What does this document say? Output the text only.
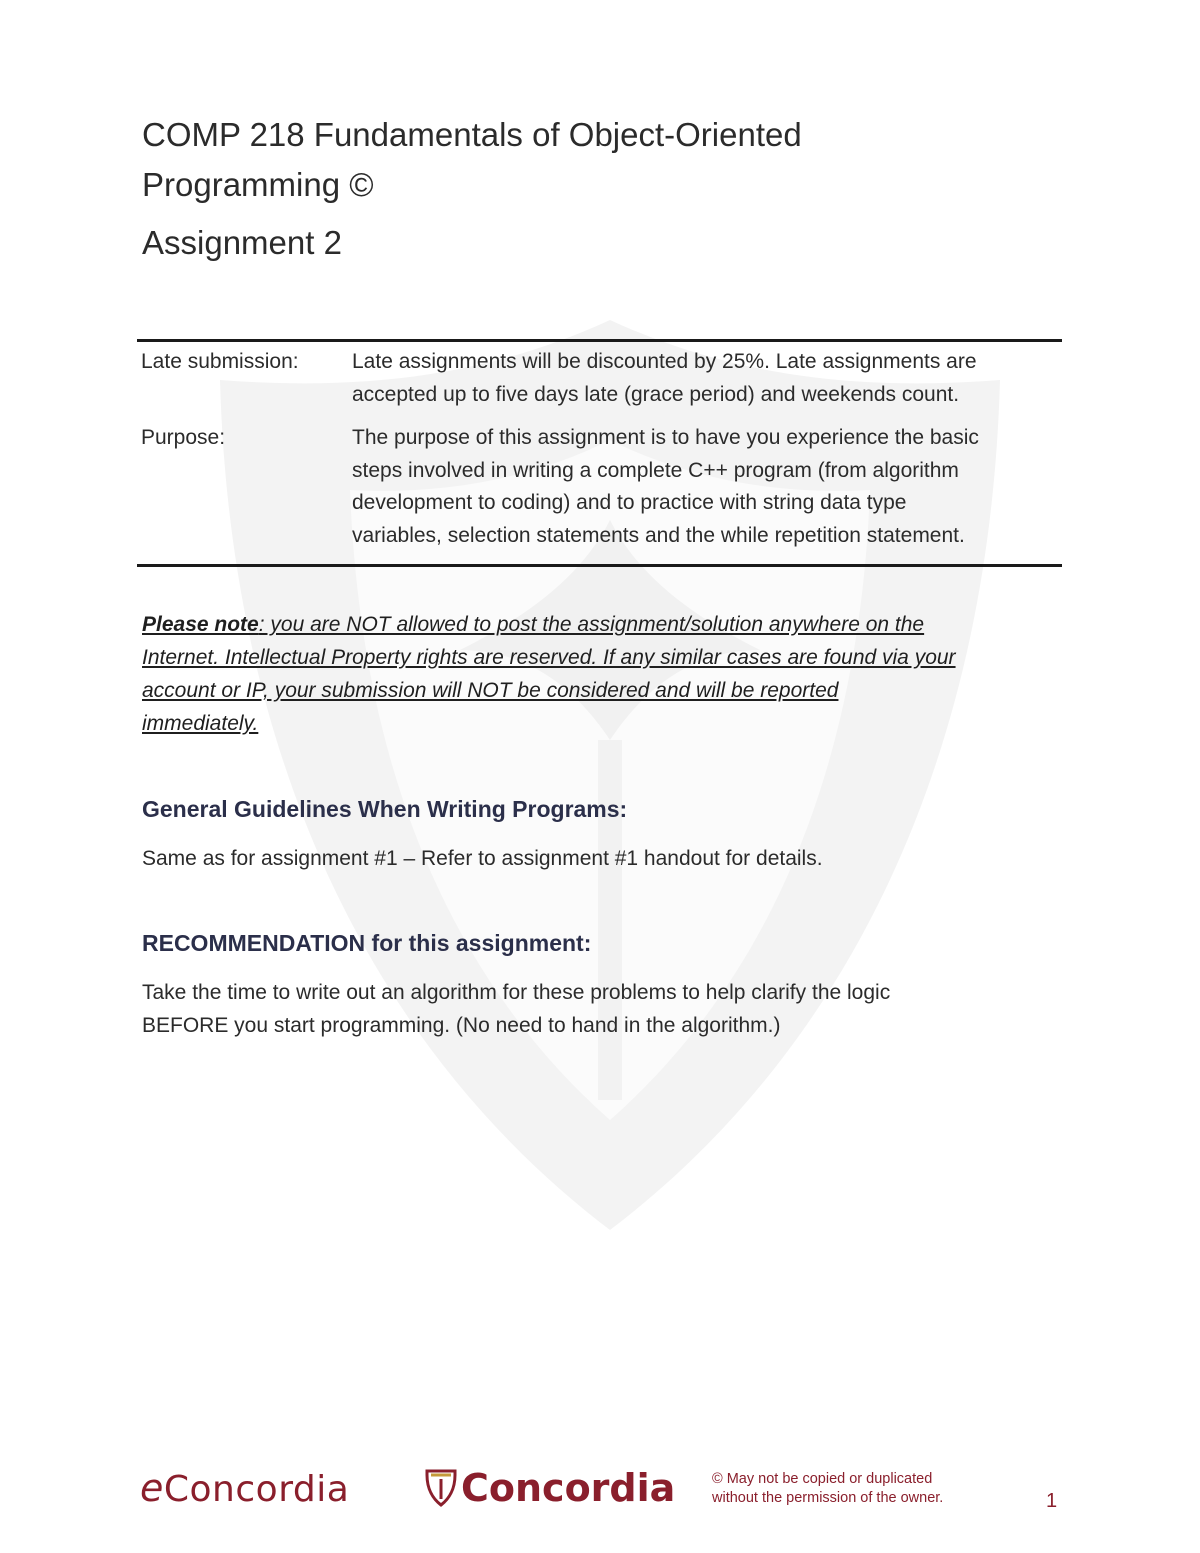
COMP 218 Fundamentals of Object-Oriented
Programming ©
Assignment 2
Late submission:	Late assignments will be discounted by 25%. Late assignments are

accepted up to five days late (grace period) and weekends count.

Purpose:	The purpose of this assignment is to have you experience the basic

steps involved in writing a complete C++ program (from algorithm

development to coding) and to practice with string data type

variables, selection statements and the while repetition statement.

Please note: you are NOT allowed to post the assignment/solution anywhere on the

Internet. Intellectual Property rights are reserved. If any similar cases are found via your

account or IP, your submission will NOT be considered and will be reported

immediately.

General Guidelines When Writing Programs:

Same as for assignment #1 – Refer to assignment #1 handout for details.

RECOMMENDATION for this assignment:

Take the time to write out an algorithm for these problems to help clarify the logic

BEFORE you start programming. (No need to hand in the algorithm.)

eConcordia	Concordia	© May not be copied or duplicated

without the permission of the owner.	1
